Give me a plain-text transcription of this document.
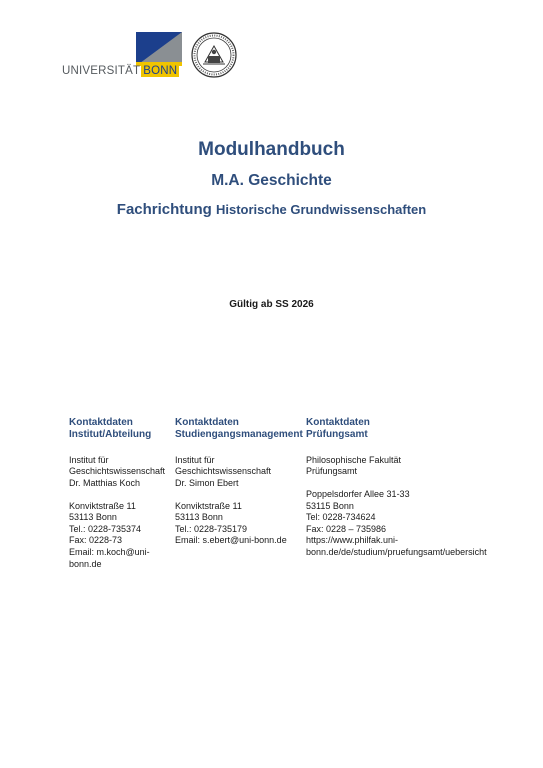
UNIVERSITÄT BONN

Modulhandbuch

M.A. Geschichte

Fachrichtung Historische Grundwissenschaften

Gültig ab SS 2026
Kontaktdaten
Institut/Abteilung
Institut für
Geschichtswissenschaft
Dr. Matthias Koch
Konviktstraße 11
53113 Bonn
Tel.: 0228-735374
Fax: 0228-73
Email: m.koch@uni-
bonn.de
Kontaktdaten
Studiengangsmanagement
Institut für
Geschichtswissenschaft
Dr. Simon Ebert
Konviktstraße 11
53113 Bonn
Tel.: 0228-735179
Email: s.ebert@uni-bonn.de
Kontaktdaten
Prüfungsamt
Philosophische Fakultät
Prüfungsamt
Poppelsdorfer Allee 31-33
53115 Bonn
Tel: 0228-734624
Fax: 0228 – 735986
https://www.philfak.uni-
bonn.de/de/studium/pruefungsamt/uebersicht
